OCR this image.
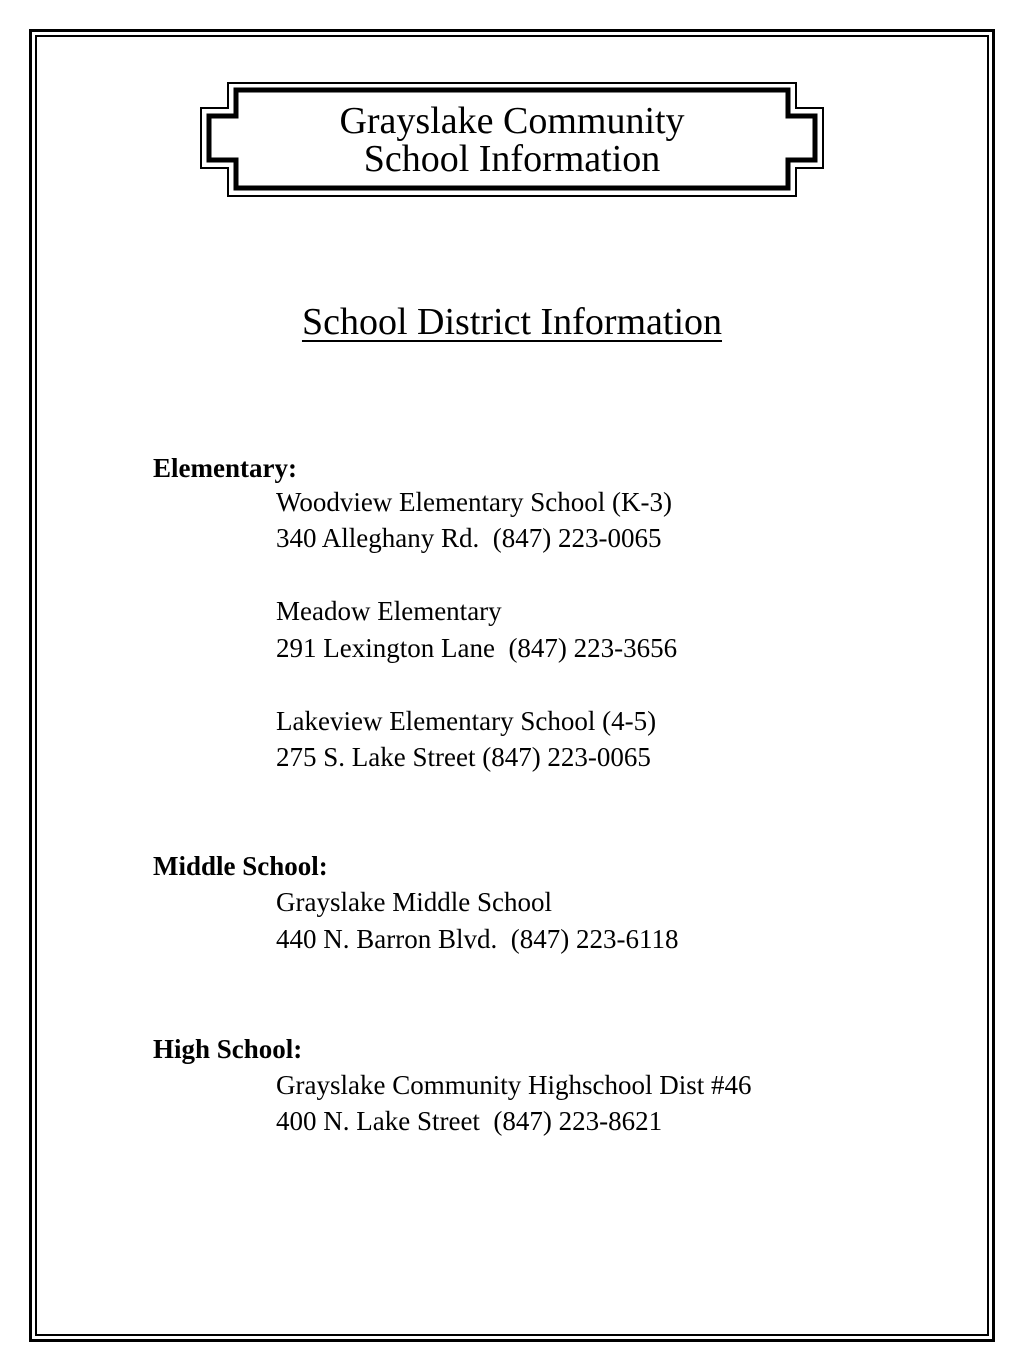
Grayslake Community
School Information
School District Information
Elementary:
Woodview Elementary School (K-3)
340 Alleghany Rd.  (847) 223-0065
Meadow Elementary
291 Lexington Lane  (847) 223-3656
Lakeview Elementary School (4-5)
275 S. Lake Street (847) 223-0065
Middle School:
Grayslake Middle School
440 N. Barron Blvd.  (847) 223-6118
High School:
Grayslake Community Highschool Dist #46
400 N. Lake Street  (847) 223-8621
